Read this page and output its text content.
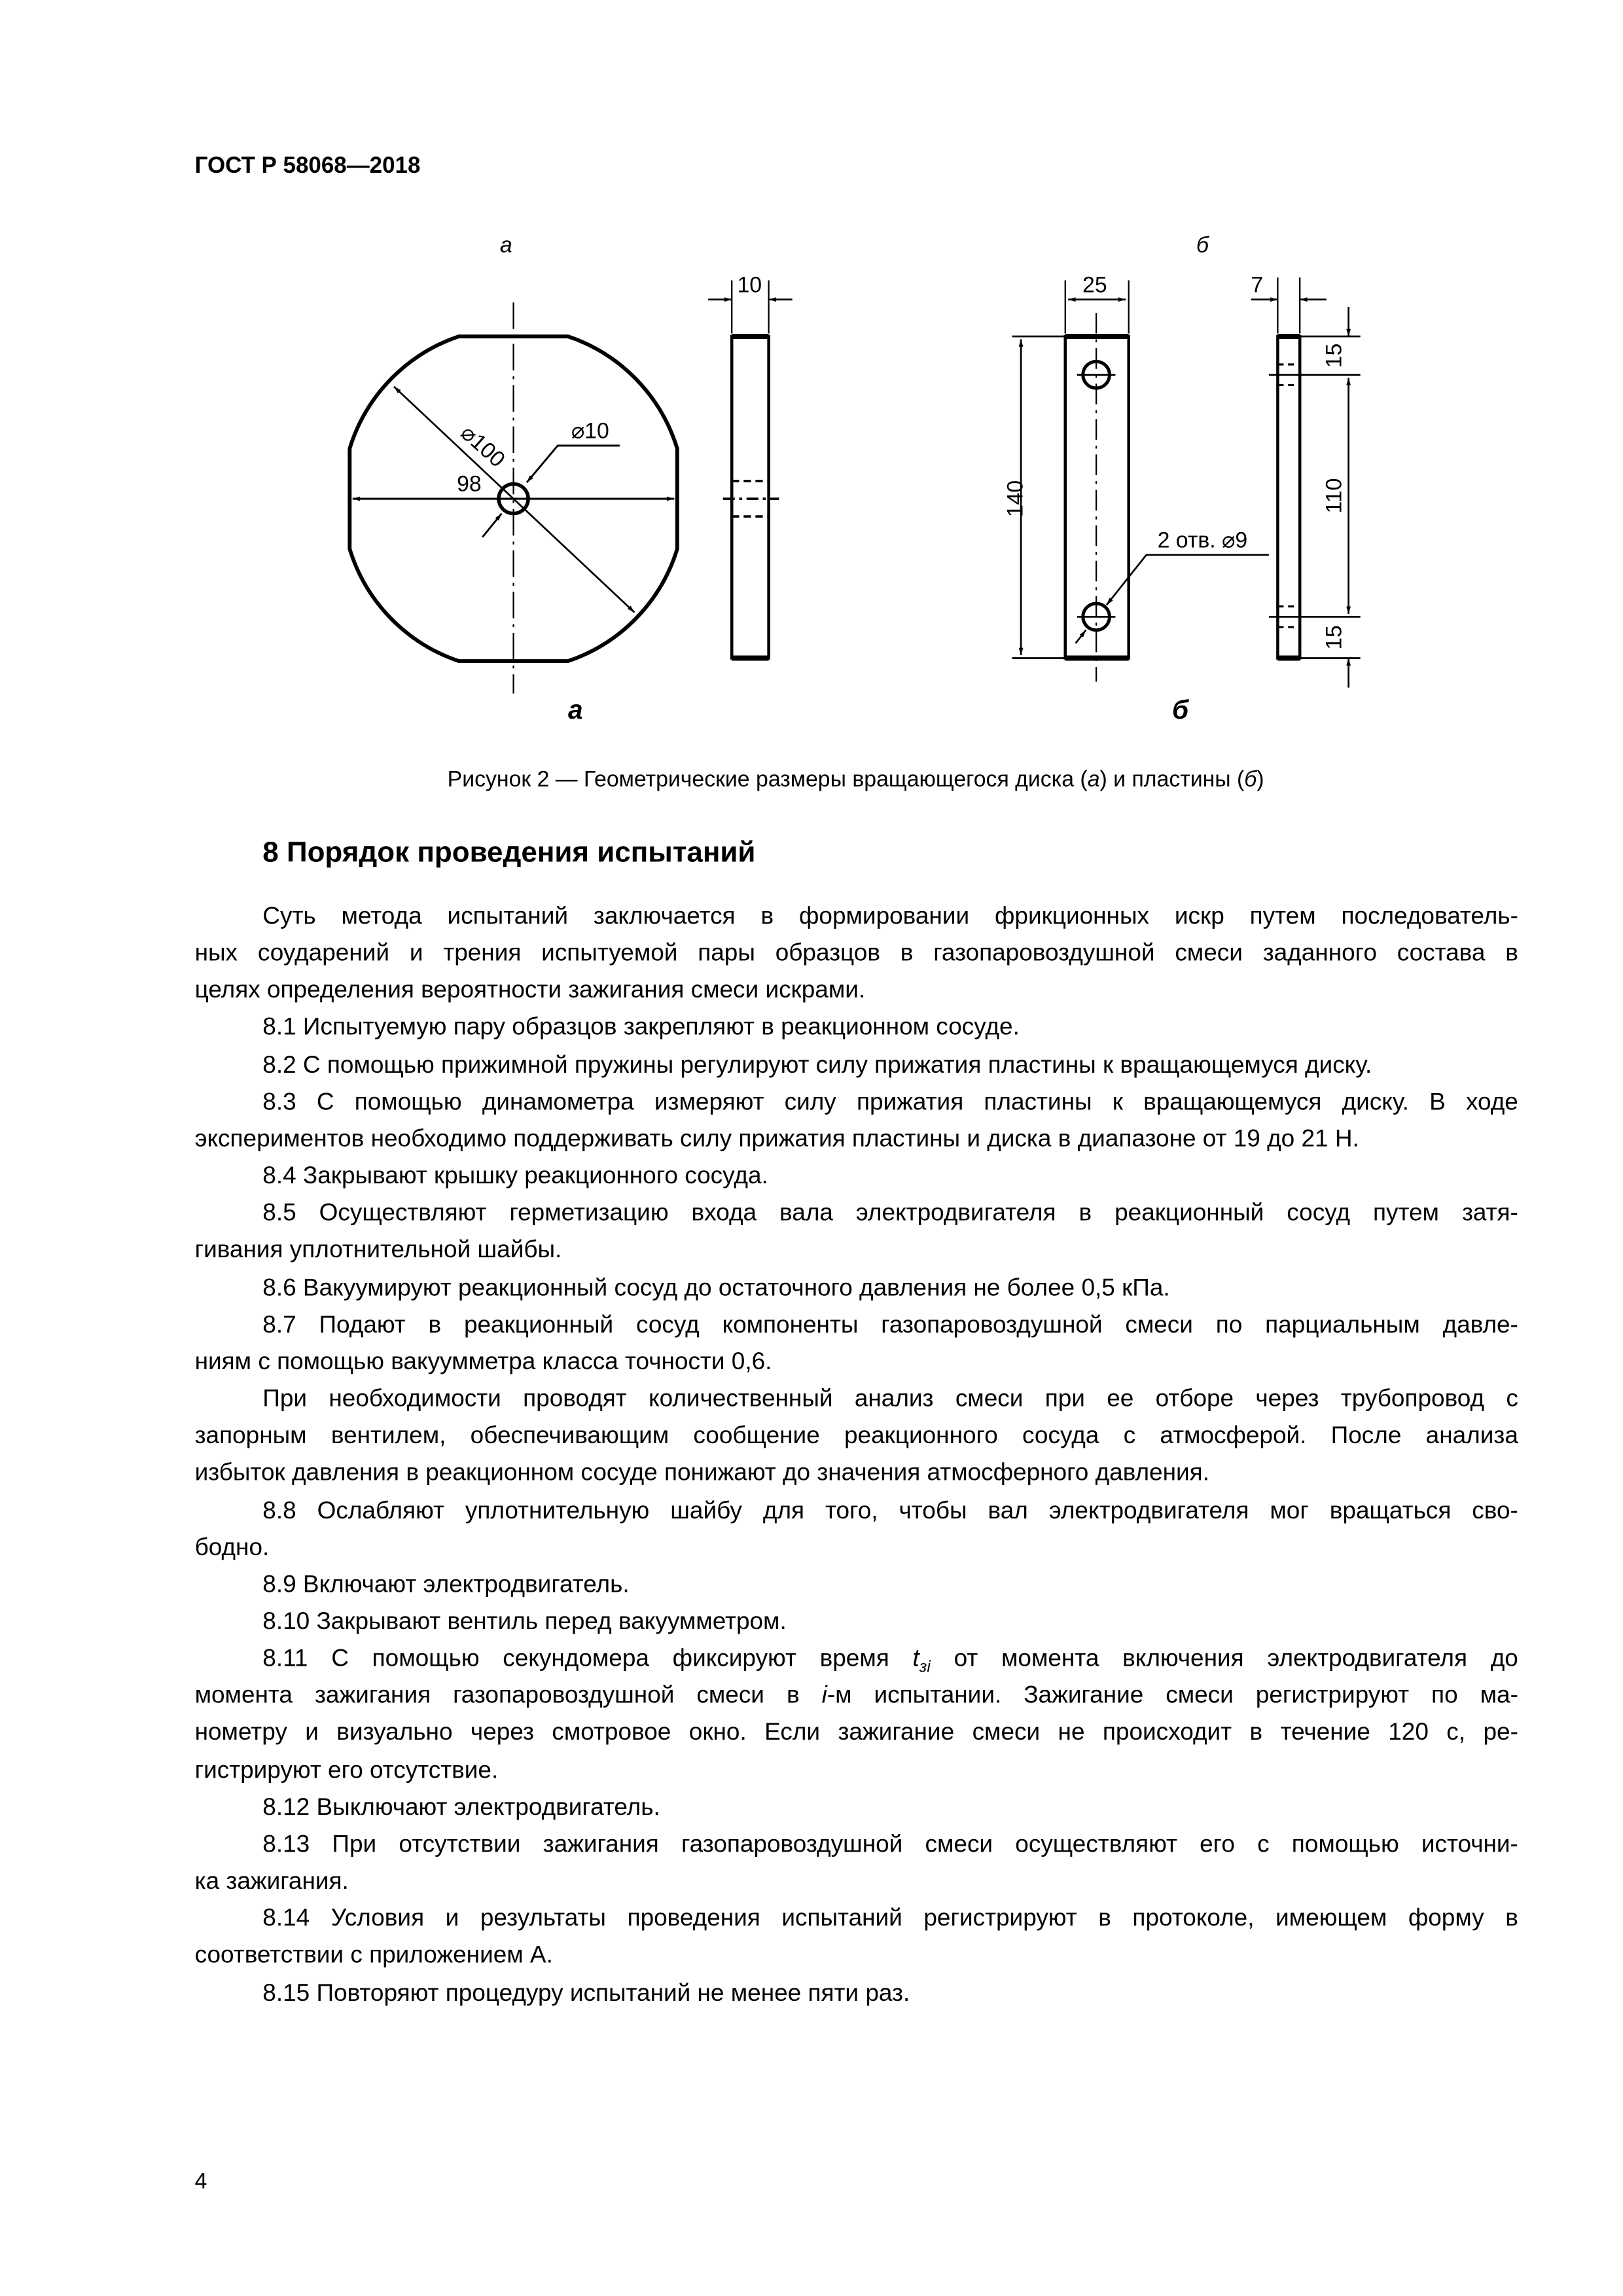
ГОСТ Р 58068—2018
а	б
а	б
⌀100
98
⌀10
10	25
140
2 отв. ⌀9
7
15
110
15
Рисунок 2 — Геометрические размеры вращающегося диска (а) и пластины (б)
8 Порядок проведения испытаний
Суть метода испытаний заключается в формировании фрикционных искр путем последователь-
ных соударений и трения испытуемой пары образцов в газопаровоздушной смеси заданного состава в
целях определения вероятности зажигания смеси искрами.
8.1 Испытуемую пару образцов закрепляют в реакционном сосуде.
8.2 С помощью прижимной пружины регулируют силу прижатия пластины к вращающемуся диску.
8.3 С помощью динамометра измеряют силу прижатия пластины к вращающемуся диску. В ходе
экспериментов необходимо поддерживать силу прижатия пластины и диска в диапазоне от 19 до 21 Н.
8.4 Закрывают крышку реакционного сосуда.
8.5 Осуществляют герметизацию входа вала электродвигателя в реакционный сосуд путем затя-
гивания уплотнительной шайбы.
8.6 Вакуумируют реакционный сосуд до остаточного давления не более 0,5 кПа.
8.7 Подают в реакционный сосуд компоненты газопаровоздушной смеси по парциальным давле-
ниям с помощью вакуумметра класса точности 0,6.
При необходимости проводят количественный анализ смеси при ее отборе через трубопровод с
запорным вентилем, обеспечивающим сообщение реакционного сосуда с атмосферой. После анализа
избыток давления в реакционном сосуде понижают до значения атмосферного давления.
8.8 Ослабляют уплотнительную шайбу для того, чтобы вал электродвигателя мог вращаться сво-
бодно.
8.9 Включают электродвигатель.
8.10 Закрывают вентиль перед вакуумметром.
8.11 С помощью секундомера фиксируют время $t_{зi}$ от момента включения электродвигателя до
момента зажигания газопаровоздушной смеси в i-м испытании. Зажигание смеси регистрируют по ма-
нометру и визуально через смотровое окно. Если зажигание смеси не происходит в течение 120 с, ре-
гистрируют его отсутствие.
8.12 Выключают электродвигатель.
8.13 При отсутствии зажигания газопаровоздушной смеси осуществляют его с помощью источни-
ка зажигания.
8.14 Условия и результаты проведения испытаний регистрируют в протоколе, имеющем форму в
соответствии с приложением А.
8.15 Повторяют процедуру испытаний не менее пяти раз.
4
